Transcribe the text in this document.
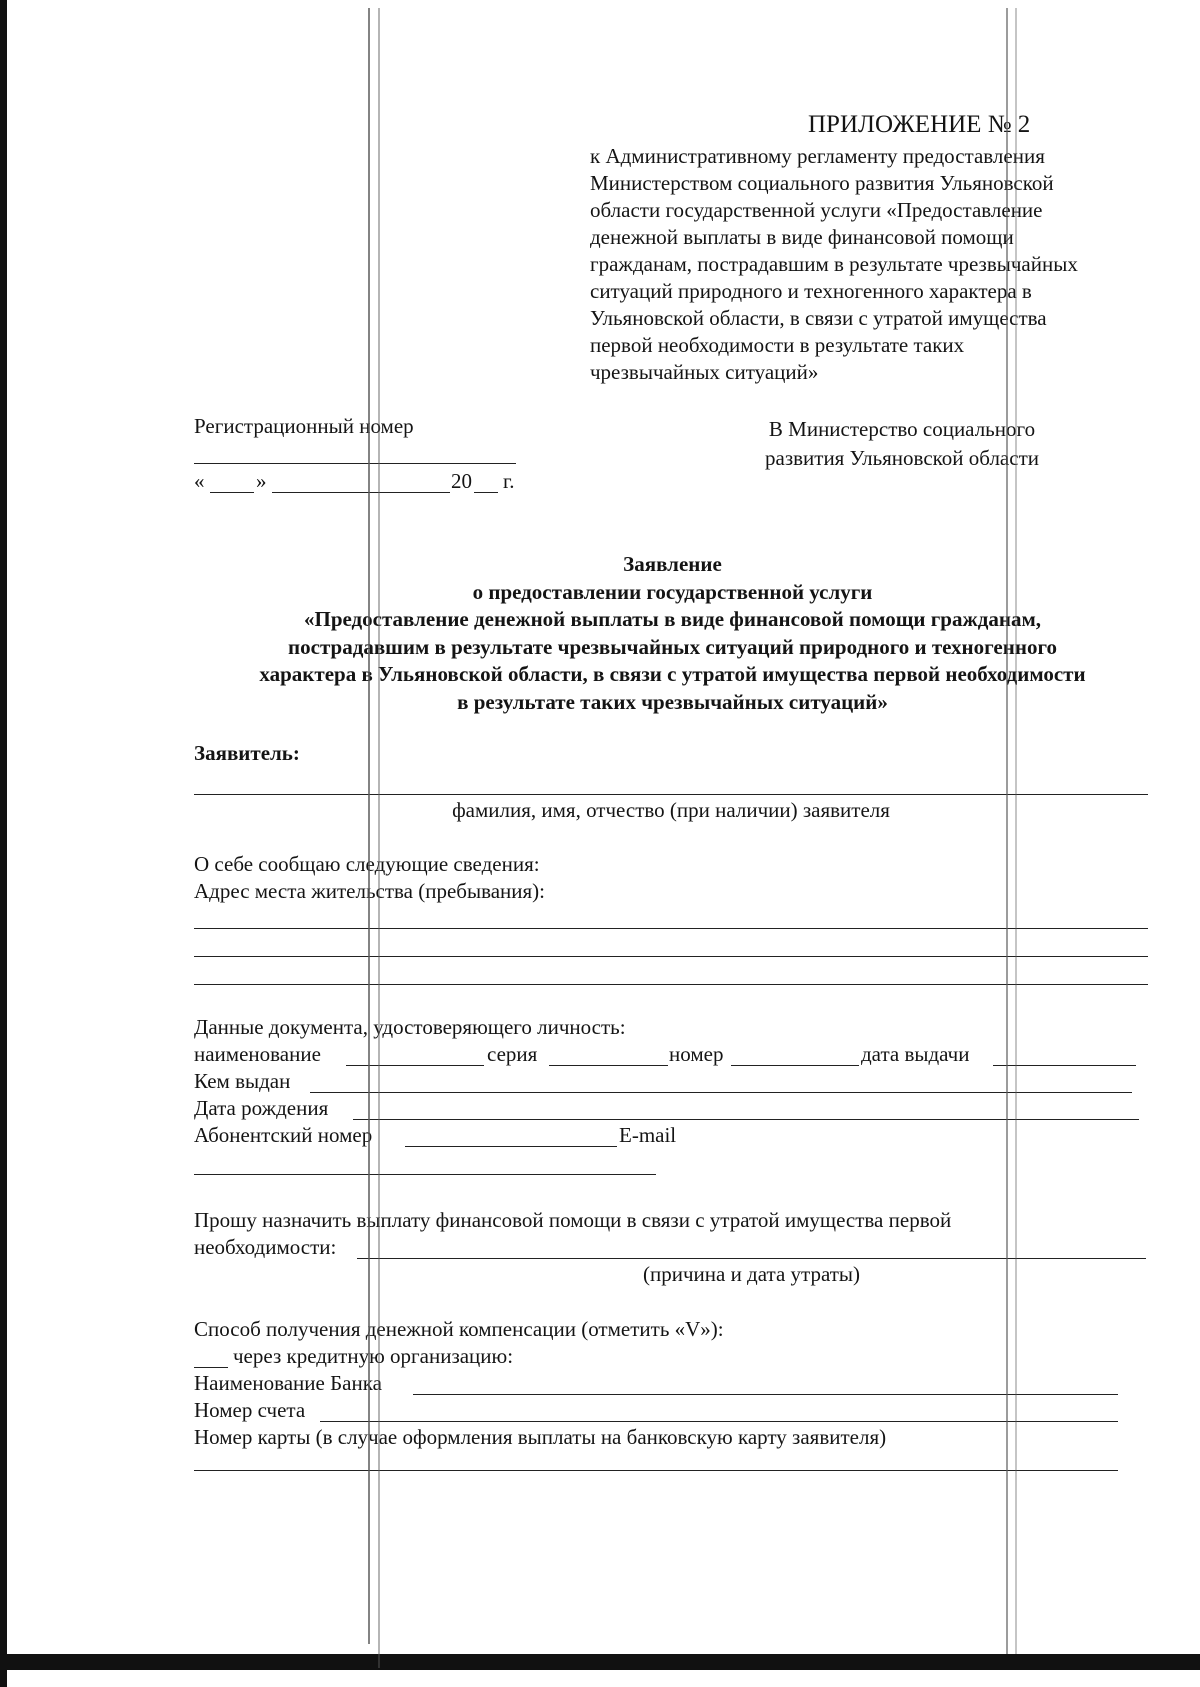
ПРИЛОЖЕНИЕ № 2
к Административному регламенту предоставления
Министерством социального развития Ульяновской
области государственной услуги «Предоставление
денежной выплаты в виде финансовой помощи
гражданам, пострадавшим в результате чрезвычайных
ситуаций природного и техногенного характера в
Ульяновской области, в связи с утратой имущества
первой необходимости в результате таких
чрезвычайных ситуаций»
Регистрационный номер
« »	20 г.
В Министерство социального
развития Ульяновской области
Заявление
о предоставлении государственной услуги
«Предоставление денежной выплаты в виде финансовой помощи гражданам,
пострадавшим в результате чрезвычайных ситуаций природного и техногенного
характера в Ульяновской области, в связи с утратой имущества первой необходимости
в результате таких чрезвычайных ситуаций»
Заявитель:
фамилия, имя, отчество (при наличии) заявителя
О себе сообщаю следующие сведения:
Адрес места жительства (пребывания):
Данные документа, удостоверяющего личность:
наименование	серия	номер	дата выдачи
Кем выдан
Дата рождения
Абонентский номер	E-mail
Прошу назначить выплату финансовой помощи в связи с утратой имущества первой
необходимости:
(причина и дата утраты)
Способ получения денежной компенсации (отметить «V»):
через кредитную организацию:
Наименование Банка
Номер счета
Номер карты (в случае оформления выплаты на банковскую карту заявителя)
